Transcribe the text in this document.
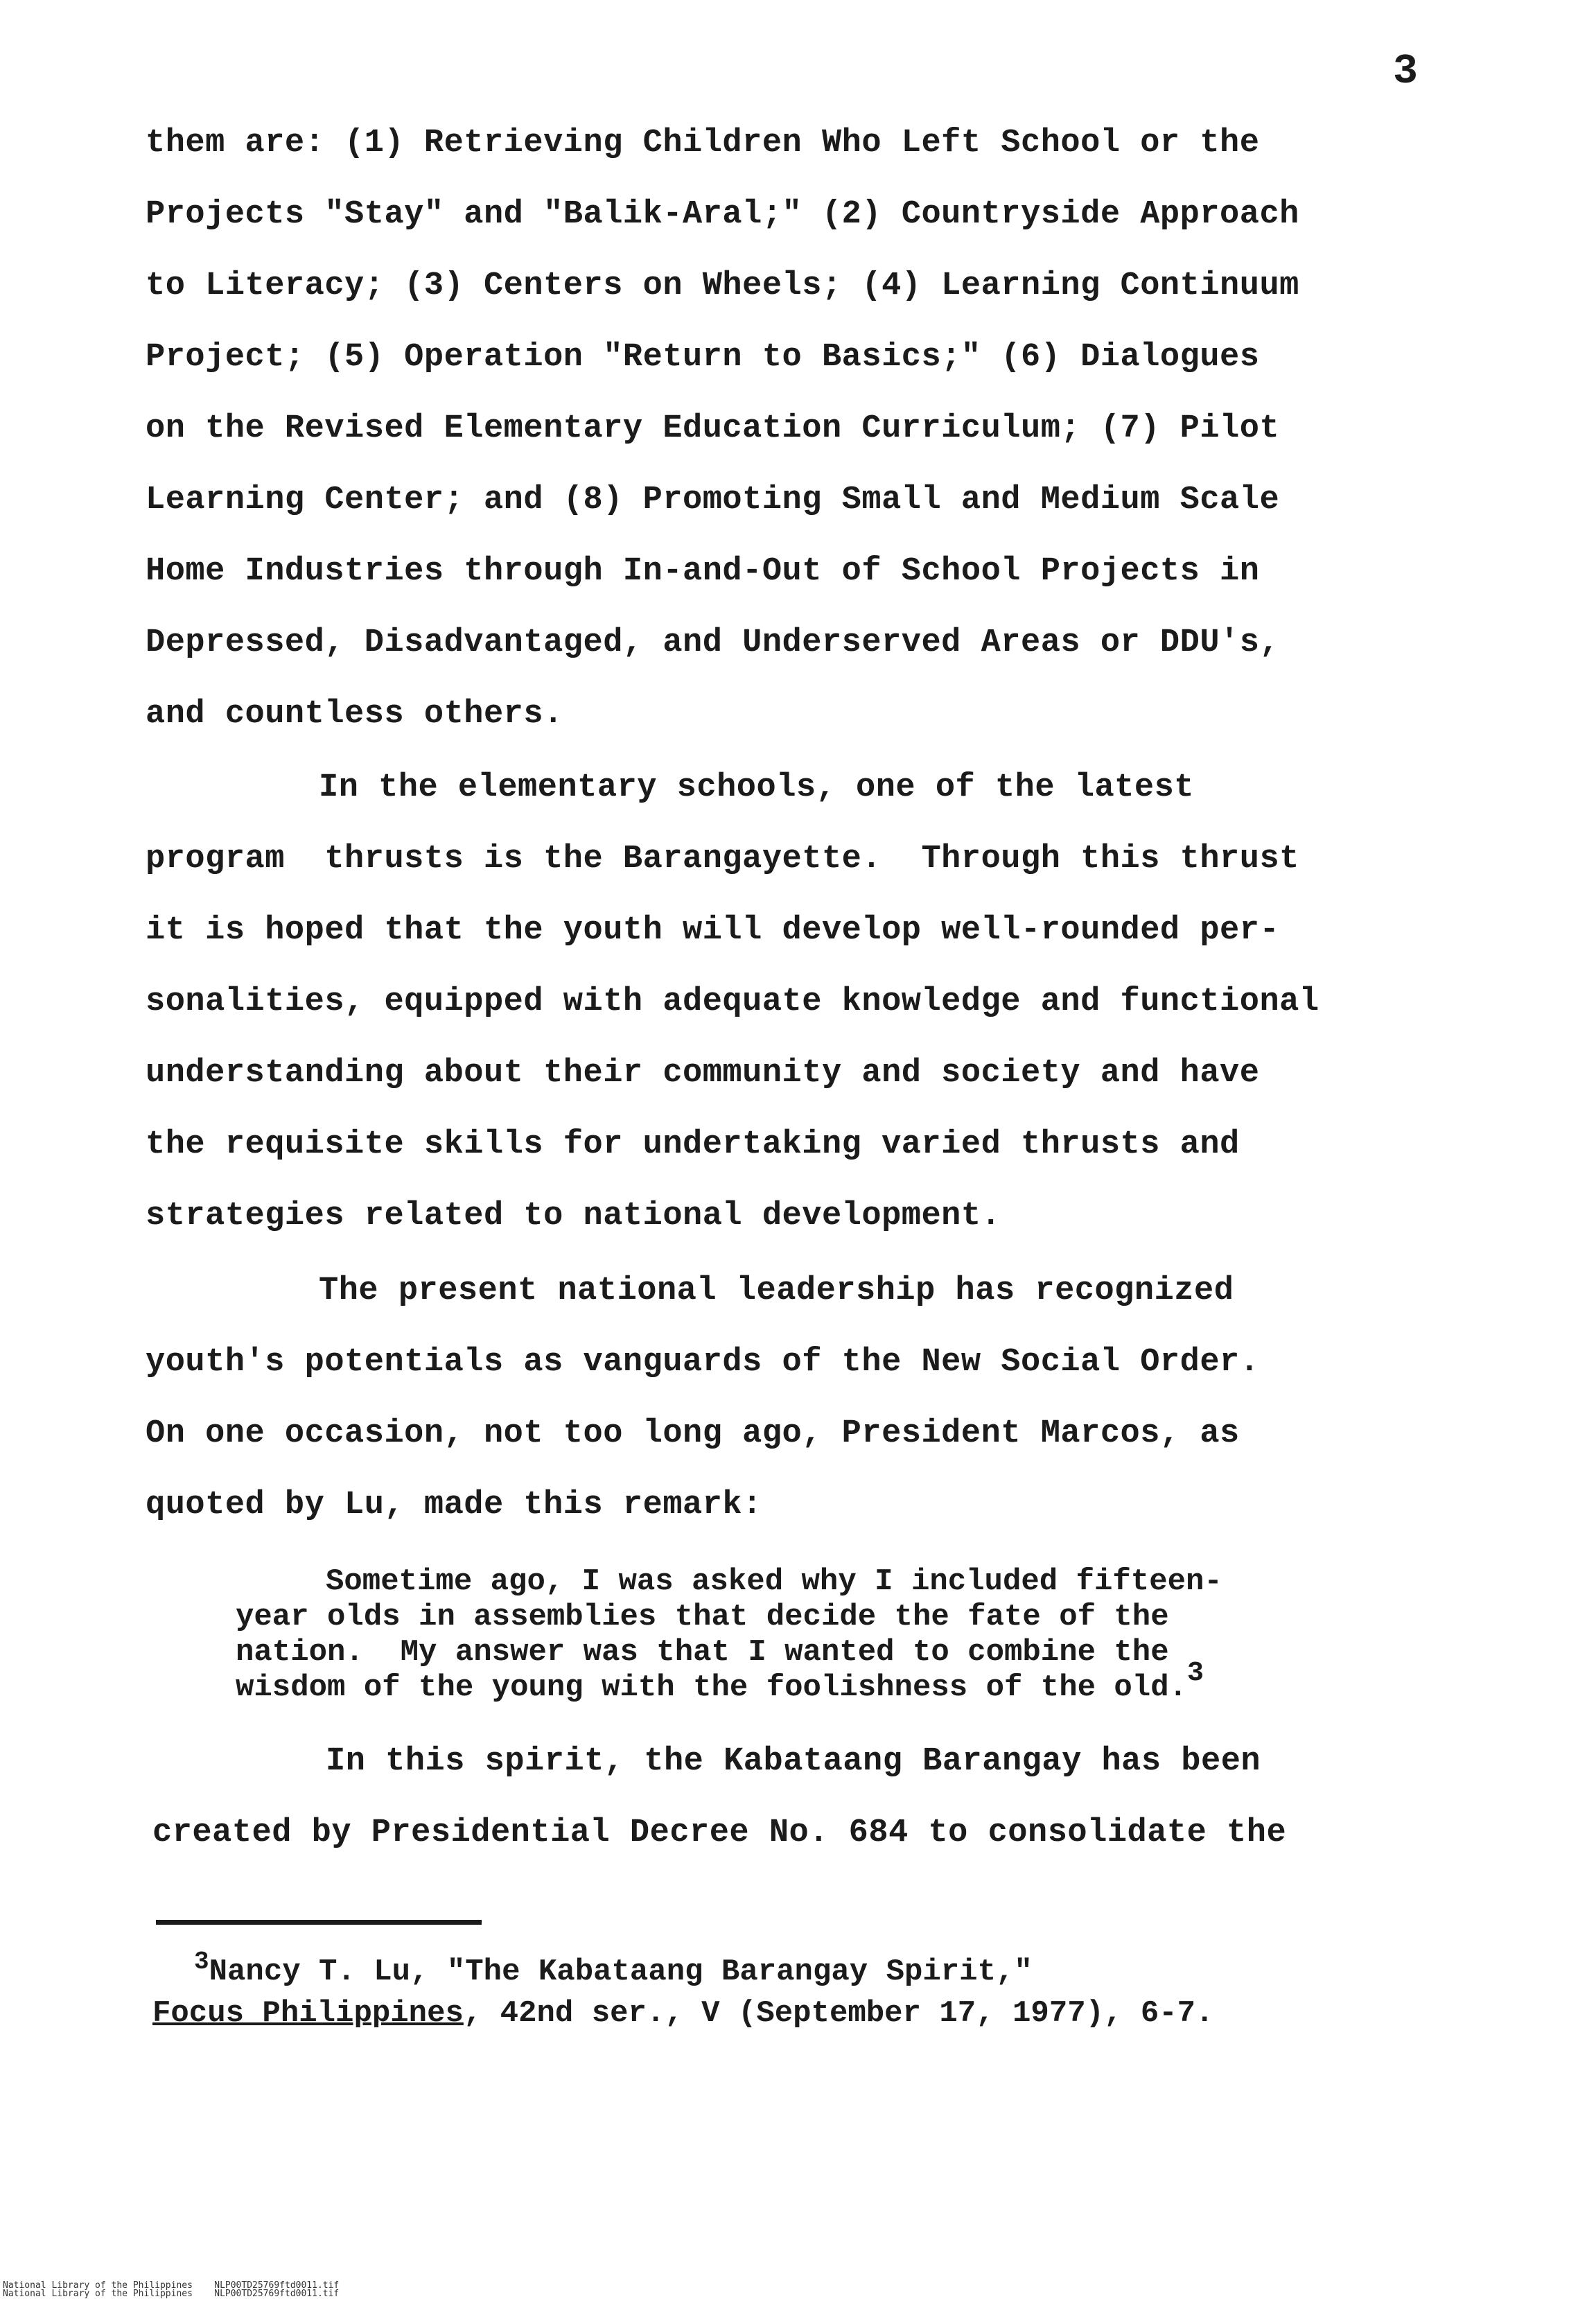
3
them are: (1) Retrieving Children Who Left School or the
Projects "Stay" and "Balik-Aral;" (2) Countryside Approach
to Literacy; (3) Centers on Wheels; (4) Learning Continuum
Project; (5) Operation "Return to Basics;" (6) Dialogues
on the Revised Elementary Education Curriculum; (7) Pilot
Learning Center; and (8) Promoting Small and Medium Scale
Home Industries through In-and-Out of School Projects in
Depressed, Disadvantaged, and Underserved Areas or DDU's,
and countless others.
In the elementary schools, one of the latest
program  thrusts is the Barangayette.  Through this thrust
it is hoped that the youth will develop well-rounded per-
sonalities, equipped with adequate knowledge and functional
understanding about their community and society and have
the requisite skills for undertaking varied thrusts and
strategies related to national development.
The present national leadership has recognized
youth's potentials as vanguards of the New Social Order.
On one occasion, not too long ago, President Marcos, as
quoted by Lu, made this remark:
Sometime ago, I was asked why I included fifteen-
year olds in assemblies that decide the fate of the
nation.  My answer was that I wanted to combine the
wisdom of the young with the foolishness of the old.3
In this spirit, the Kabataang Barangay has been
created by Presidential Decree No. 684 to consolidate the
$^3$Nancy T. Lu, "The Kabataang Barangay Spirit,"
Focus Philippines, 42nd ser., V (September 17, 1977), 6-7.
National Library of the Philippines    NLP00TD25769ftd0011.tif
National Library of the Philippines    NLP00TD25769ftd0011.tif
